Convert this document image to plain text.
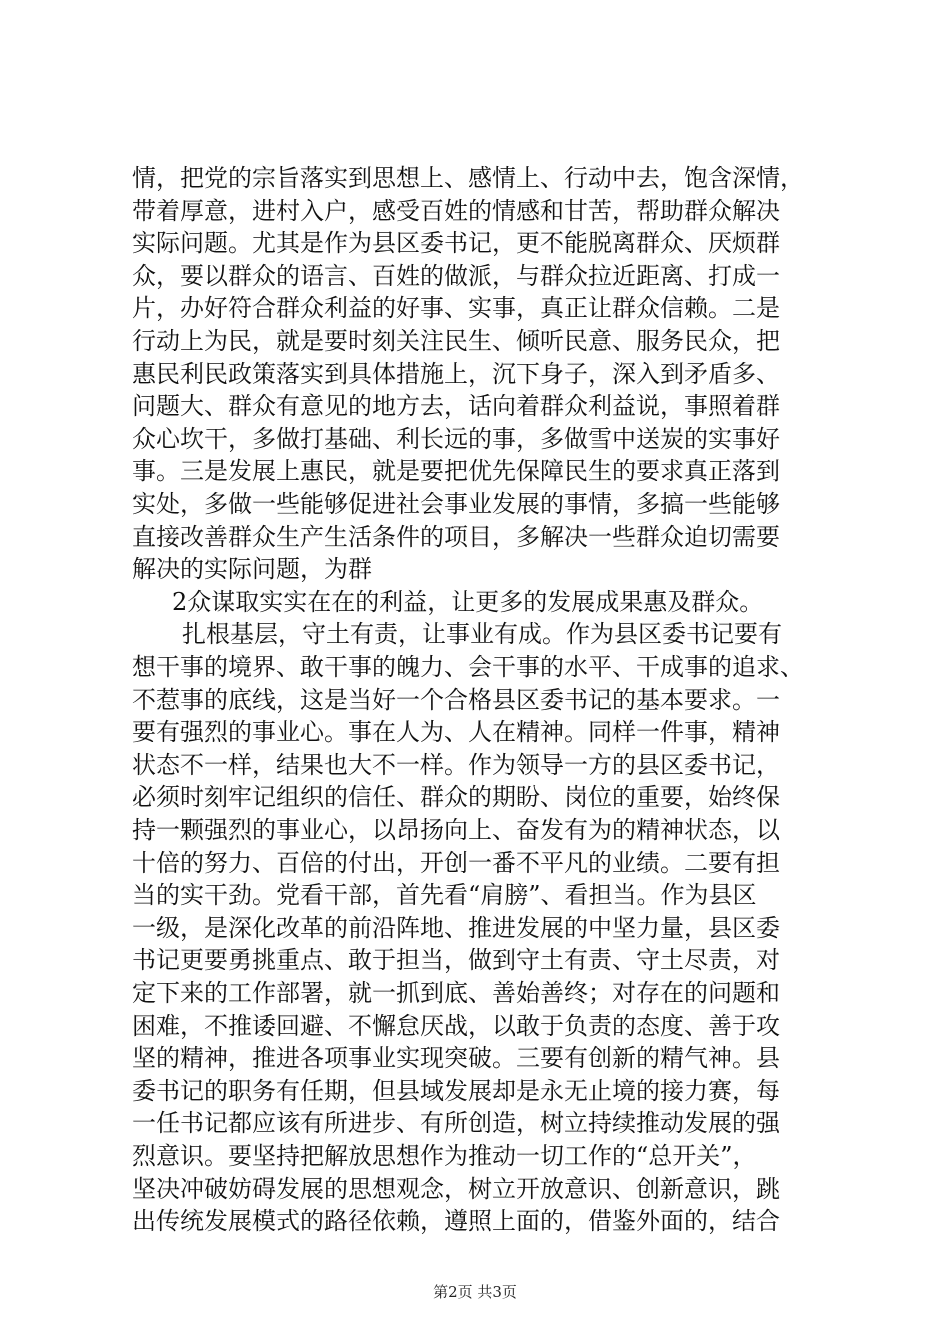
情，把党的宗旨落实到思想上、感情上、行动中去，饱含深情，
带着厚意，进村入户，感受百姓的情感和甘苦，帮助群众解决
实际问题。尤其是作为县区委书记，更不能脱离群众、厌烦群
众，要以群众的语言、百姓的做派，与群众拉近距离、打成一
片，办好符合群众利益的好事、实事，真正让群众信赖。二是
行动上为民，就是要时刻关注民生、倾听民意、服务民众，把
惠民利民政策落实到具体措施上，沉下身子，深入到矛盾多、
问题大、群众有意见的地方去，话向着群众利益说，事照着群
众心坎干，多做打基础、利长远的事，多做雪中送炭的实事好
事。三是发展上惠民，就是要把优先保障民生的要求真正落到
实处，多做一些能够促进社会事业发展的事情，多搞一些能够
直接改善群众生产生活条件的项目，多解决一些群众迫切需要
解决的实际问题，为群
2众谋取实实在在的利益，让更多的发展成果惠及群众。
扎根基层，守土有责，让事业有成。作为县区委书记要有
想干事的境界、敢干事的魄力、会干事的水平、干成事的追求、
不惹事的底线，这是当好一个合格县区委书记的基本要求。一
要有强烈的事业心。事在人为、人在精神。同样一件事，精神
状态不一样，结果也大不一样。作为领导一方的县区委书记，
必须时刻牢记组织的信任、群众的期盼、岗位的重要，始终保
持一颗强烈的事业心，以昂扬向上、奋发有为的精神状态，以
十倍的努力、百倍的付出，开创一番不平凡的业绩。二要有担
当的实干劲。党看干部，首先看“肩膀”、看担当。作为县区
一级，是深化改革的前沿阵地、推进发展的中坚力量，县区委
书记更要勇挑重点、敢于担当，做到守土有责、守土尽责，对
定下来的工作部署，就一抓到底、善始善终；对存在的问题和
困难，不推诿回避、不懈怠厌战，以敢于负责的态度、善于攻
坚的精神，推进各项事业实现突破。三要有创新的精气神。县
委书记的职务有任期，但县域发展却是永无止境的接力赛，每
一任书记都应该有所进步、有所创造，树立持续推动发展的强
烈意识。要坚持把解放思想作为推动一切工作的“总开关”，
坚决冲破妨碍发展的思想观念，树立开放意识、创新意识，跳
出传统发展模式的路径依赖，遵照上面的，借鉴外面的，结合
第2页 共3页
